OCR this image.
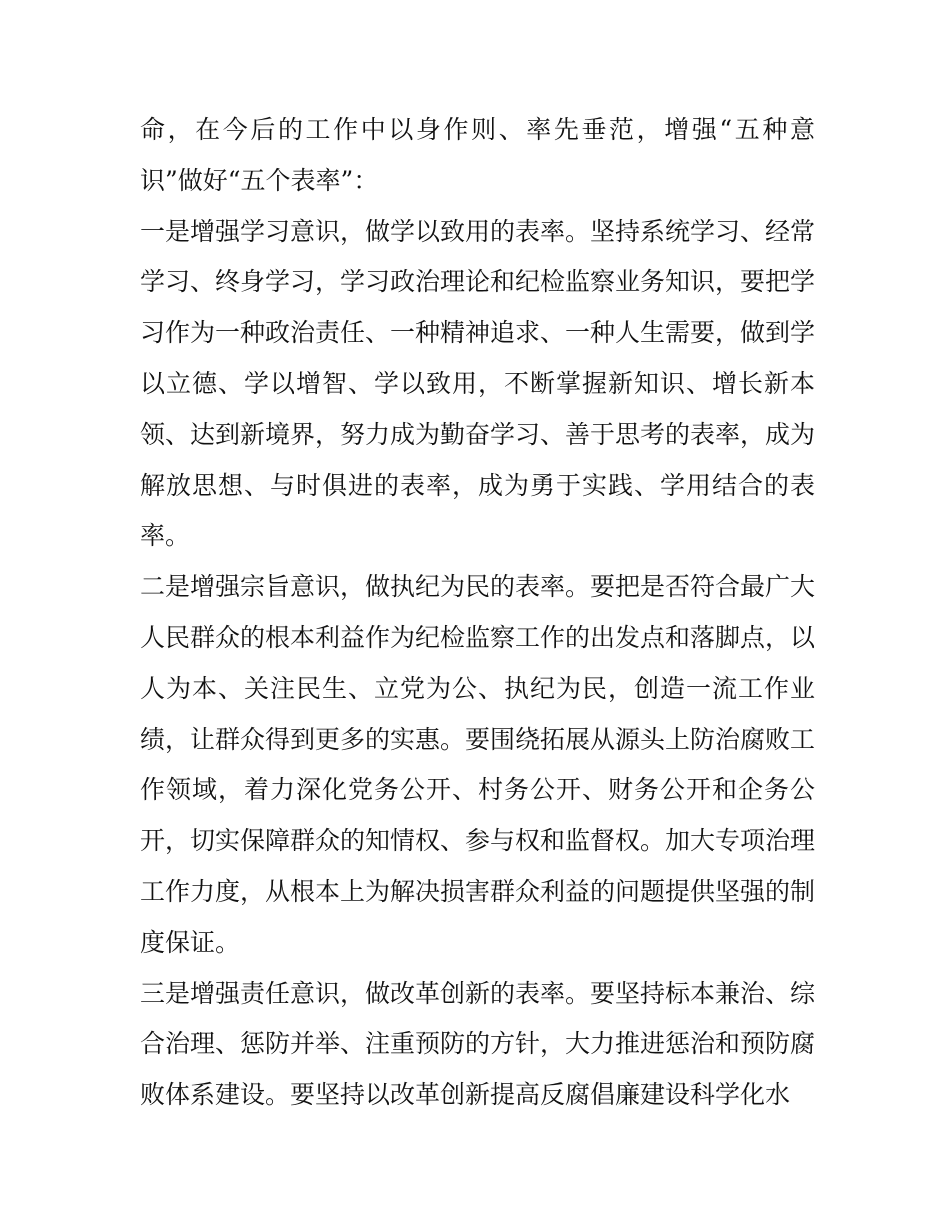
命，在今后的工作中以身作则、率先垂范，增强“五种意识”做好“五个表率”：

一是增强学习意识，做学以致用的表率。坚持系统学习、经常学习、终身学习，学习政治理论和纪检监察业务知识，要把学习作为一种政治责任、一种精神追求、一种人生需要，做到学以立德、学以增智、学以致用，不断掌握新知识、增长新本领、达到新境界，努力成为勤奋学习、善于思考的表率，成为解放思想、与时俱进的表率，成为勇于实践、学用结合的表率。

二是增强宗旨意识，做执纪为民的表率。要把是否符合最广大人民群众的根本利益作为纪检监察工作的出发点和落脚点，以人为本、关注民生、立党为公、执纪为民，创造一流工作业绩，让群众得到更多的实惠。要围绕拓展从源头上防治腐败工作领域，着力深化党务公开、村务公开、财务公开和企务公开，切实保障群众的知情权、参与权和监督权。加大专项治理工作力度，从根本上为解决损害群众利益的问题提供坚强的制度保证。

三是增强责任意识，做改革创新的表率。要坚持标本兼治、综合治理、惩防并举、注重预防的方针，大力推进惩治和预防腐败体系建设。要坚持以改革创新提高反腐倡廉建设科学化水
